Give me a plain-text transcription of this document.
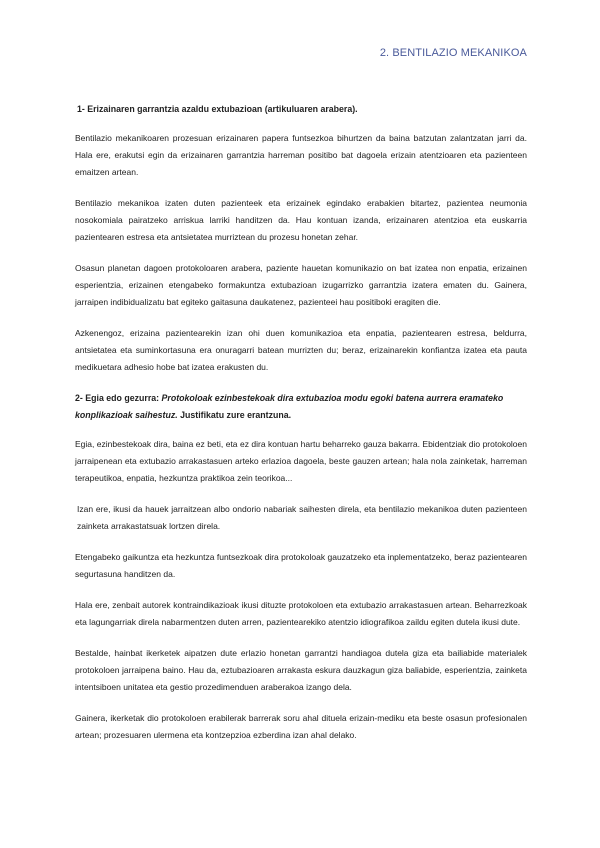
2. BENTILAZIO MEKANIKOA
1- Erizainaren garrantzia azaldu extubazioan (artikuluaren arabera).

Bentilazio mekanikoaren prozesuan erizainaren papera funtsezkoa bihurtzen da baina batzutan zalantzatan jarri da. Hala ere, erakutsi egin da erizainaren garrantzia harreman positibo bat dagoela erizain atentzioaren eta pazienteen emaitzen artean.

Bentilazio mekanikoa izaten duten pazienteek eta erizainek egindako erabakien bitartez, pazientea neumonia nosokomiala pairatzeko arriskua larriki handitzen da. Hau kontuan izanda, erizainaren atentzioa eta euskarria pazientearen estresa eta antsietatea murriztean du prozesu honetan zehar.

Osasun planetan dagoen protokoloaren arabera, paziente hauetan komunikazio on bat izatea non enpatia, erizainen esperientzia, erizainen etengabeko formakuntza extubazioan izugarrizko garrantzia izatera ematen du. Gainera, jarraipen indibidualizatu bat egiteko gaitasuna daukatenez, pazienteei hau positiboki eragiten die.

Azkenengoz, erizaina pazientearekin izan ohi duen komunikazioa eta enpatia, pazientearen estresa, beldurra, antsietatea eta suminkortasuna era onuragarri batean murrizten du; beraz, erizainarekin konfiantza izatea eta pauta medikuetara adhesio hobe bat izatea erakusten du.

2- Egia edo gezurra: Protokoloak ezinbestekoak dira extubazioa modu egoki batena aurrera eramateko konplikazioak saihestuz. Justifikatu zure erantzuna.

Egia, ezinbestekoak dira, baina ez beti, eta ez dira kontuan hartu beharreko gauza bakarra. Ebidentziak dio protokoloen jarraipenean eta extubazio arrakastasuen arteko erlazioa dagoela, beste gauzen artean; hala nola zainketak, harreman terapeutikoa, enpatia, hezkuntza praktikoa zein teorikoa...

Izan ere, ikusi da hauek jarraitzean albo ondorio nabariak saihesten direla, eta bentilazio mekanikoa duten pazienteen zainketa arrakastatsuak lortzen direla.

Etengabeko gaikuntza eta hezkuntza funtsezkoak dira protokoloak gauzatzeko eta inplementatzeko, beraz pazientearen segurtasuna handitzen da.

Hala ere, zenbait autorek kontraindikazioak ikusi dituzte protokoloen eta extubazio arrakastasuen artean. Beharrezkoak eta lagungarriak direla nabarmentzen duten arren, pazientearekiko atentzio idiografikoa zaildu egiten dutela ikusi dute.

Bestalde, hainbat ikerketek aipatzen dute erlazio honetan garrantzi handiagoa dutela giza eta bailiabide materialek protokoloen jarraipena baino. Hau da, eztubazioaren arrakasta eskura dauzkagun giza baliabide, esperientzia, zainketa intentsiboen unitatea eta gestio prozedimenduen araberakoa izango dela.

Gainera, ikerketak dio protokoloen erabilerak barrerak soru ahal dituela erizain-mediku eta beste osasun profesionalen artean; prozesuaren ulermena eta kontzepzioa ezberdina izan ahal delako.
